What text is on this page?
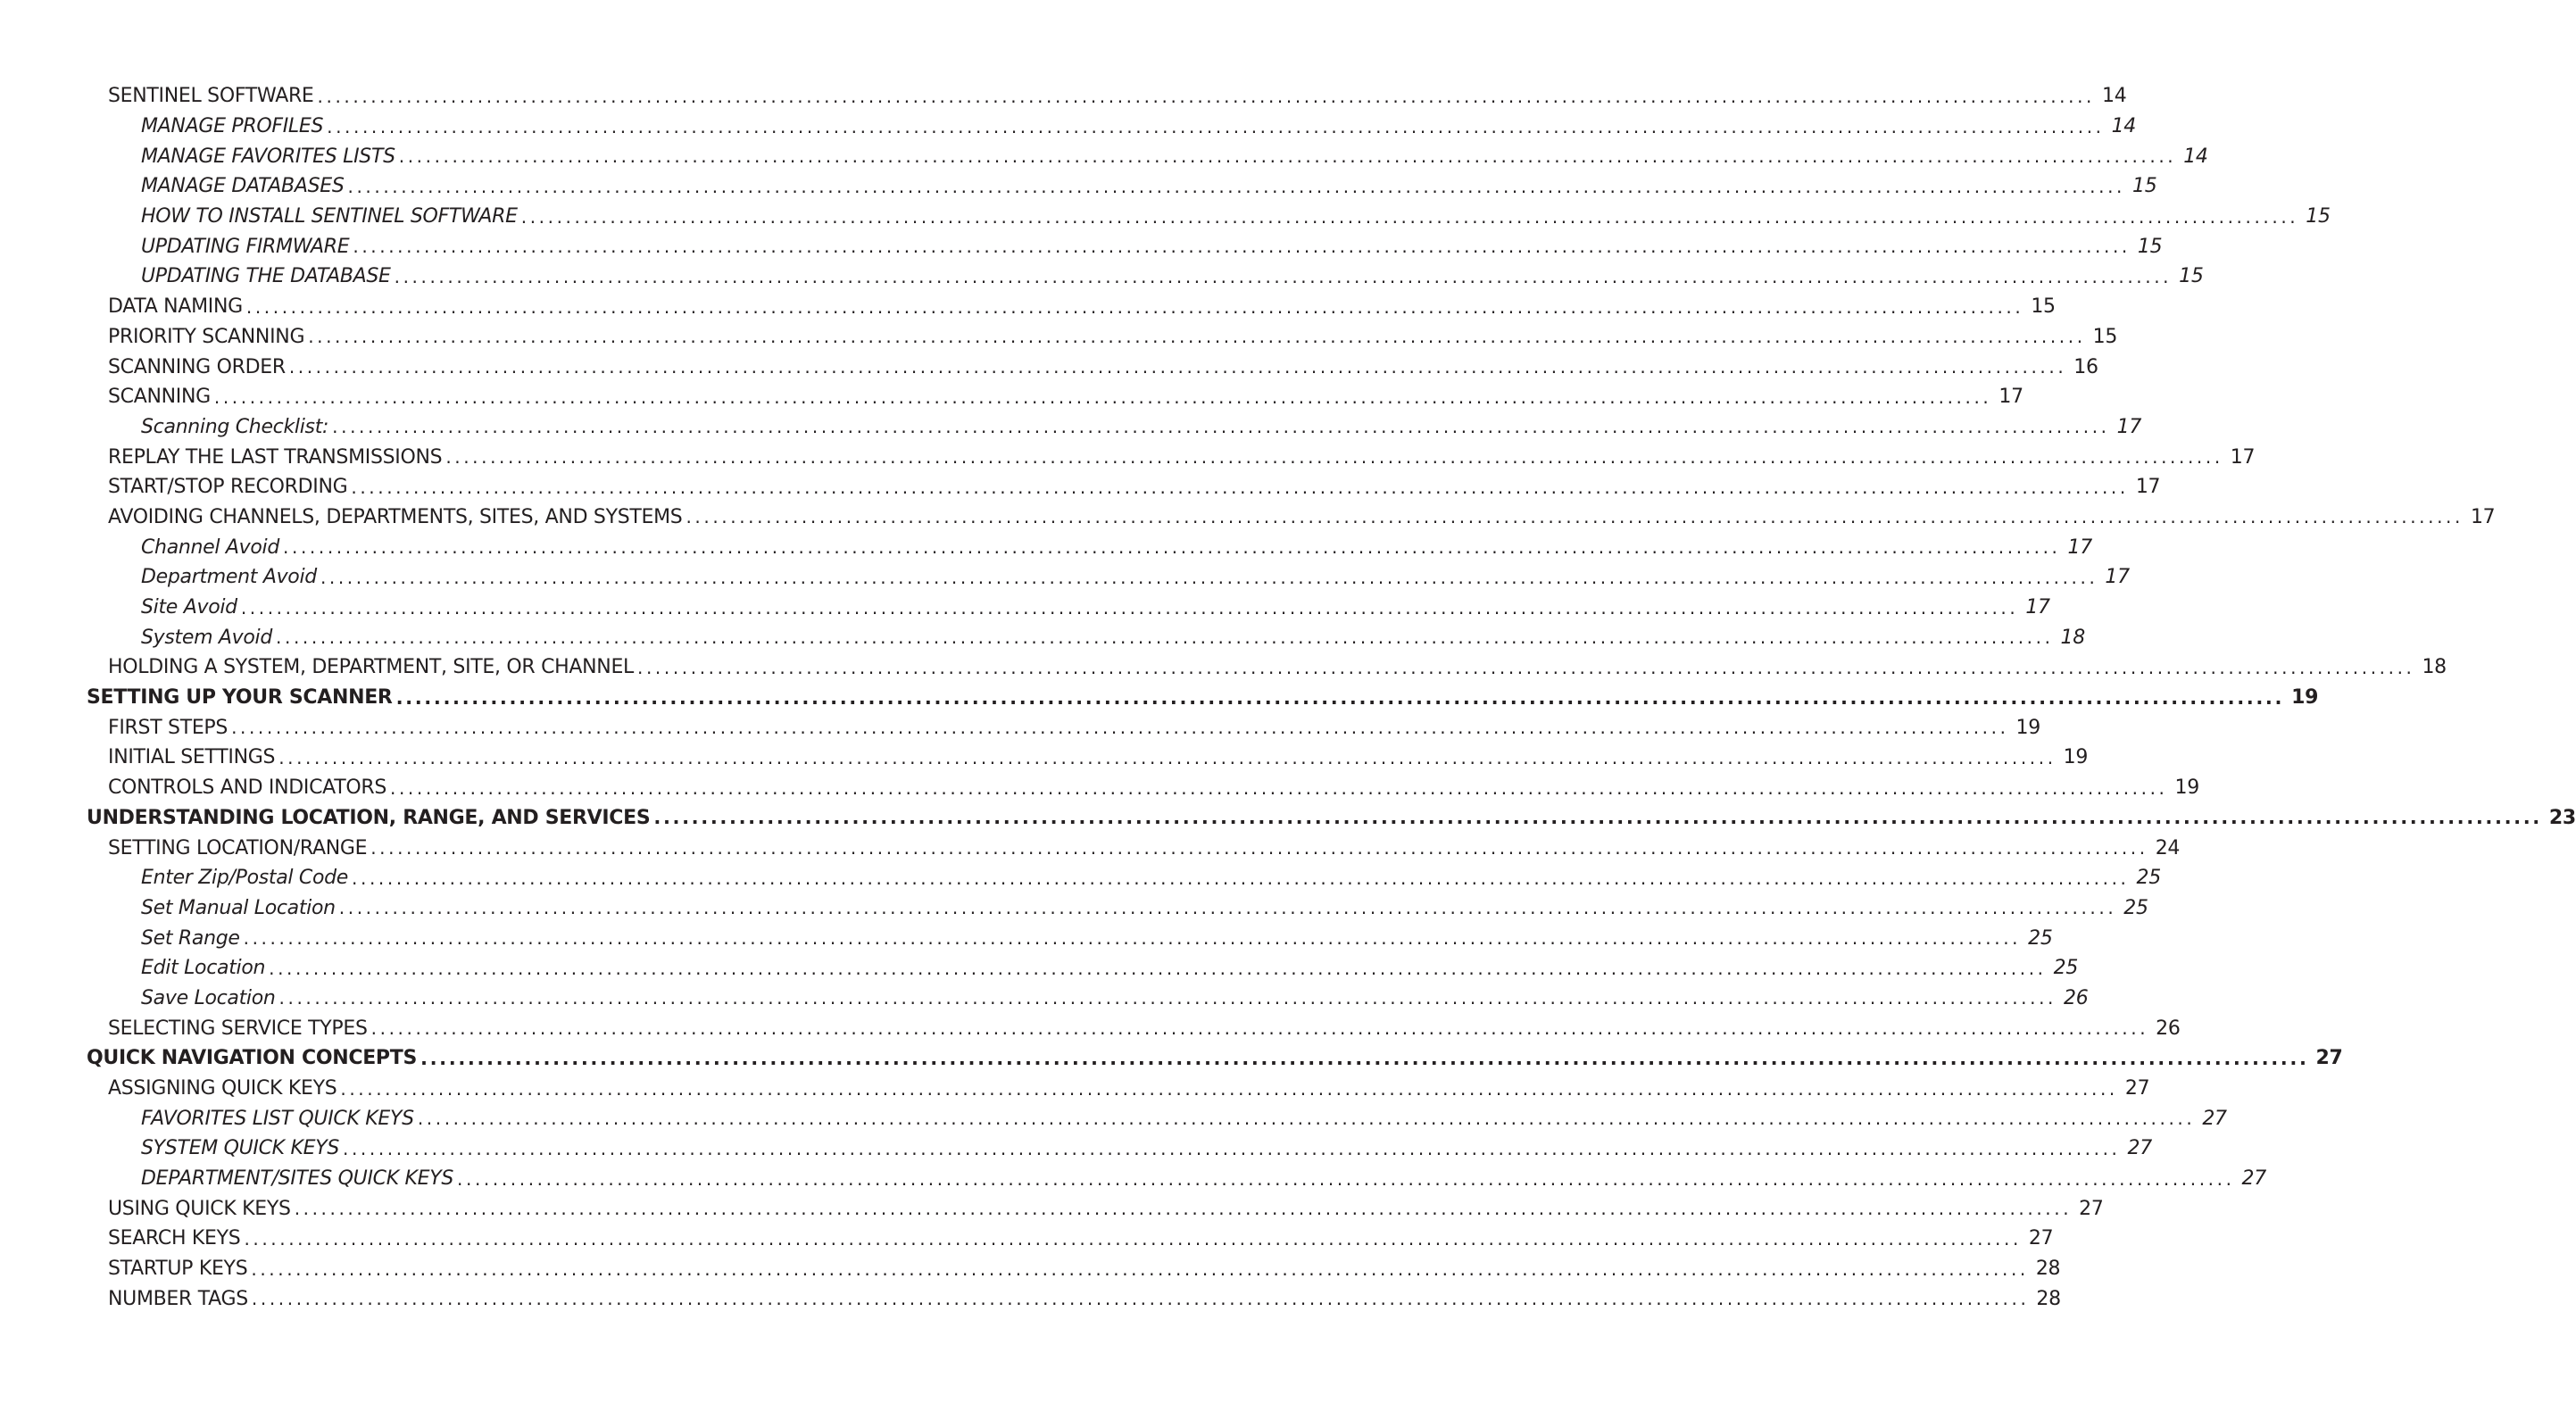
SENTINEL SOFTWARE ........................................................................................................................................................................................................ 14
MANAGE PROFILES ........................................................................................................................................................................................................ 14
MANAGE FAVORITES LISTS ........................................................................................................................................................................................................ 14
MANAGE DATABASES ........................................................................................................................................................................................................ 15
HOW TO INSTALL SENTINEL SOFTWARE ........................................................................................................................................................................................................ 15
UPDATING FIRMWARE ........................................................................................................................................................................................................ 15
UPDATING THE DATABASE ........................................................................................................................................................................................................ 15
DATA NAMING ........................................................................................................................................................................................................ 15
PRIORITY SCANNING ........................................................................................................................................................................................................ 15
SCANNING ORDER ........................................................................................................................................................................................................ 16
SCANNING ........................................................................................................................................................................................................ 17
Scanning Checklist: ........................................................................................................................................................................................................ 17
REPLAY THE LAST TRANSMISSIONS ........................................................................................................................................................................................................ 17
START/STOP RECORDING ........................................................................................................................................................................................................ 17
AVOIDING CHANNELS, DEPARTMENTS, SITES, AND SYSTEMS ........................................................................................................................................................................................................ 17
Channel Avoid ........................................................................................................................................................................................................ 17
Department Avoid ........................................................................................................................................................................................................ 17
Site Avoid ........................................................................................................................................................................................................ 17
System Avoid ........................................................................................................................................................................................................ 18
HOLDING A SYSTEM, DEPARTMENT, SITE, OR CHANNEL ........................................................................................................................................................................................................ 18
SETTING UP YOUR SCANNER ........................................................................................................................................................................................................ 19
FIRST STEPS ........................................................................................................................................................................................................ 19
INITIAL SETTINGS ........................................................................................................................................................................................................ 19
CONTROLS AND INDICATORS ........................................................................................................................................................................................................ 19
UNDERSTANDING LOCATION, RANGE, AND SERVICES ........................................................................................................................................................................................................ 23
SETTING LOCATION/RANGE ........................................................................................................................................................................................................ 24
Enter Zip/Postal Code ........................................................................................................................................................................................................ 25
Set Manual Location ........................................................................................................................................................................................................ 25
Set Range ........................................................................................................................................................................................................ 25
Edit Location ........................................................................................................................................................................................................ 25
Save Location ........................................................................................................................................................................................................ 26
SELECTING SERVICE TYPES ........................................................................................................................................................................................................ 26
QUICK NAVIGATION CONCEPTS ........................................................................................................................................................................................................ 27
ASSIGNING QUICK KEYS ........................................................................................................................................................................................................ 27
FAVORITES LIST QUICK KEYS ........................................................................................................................................................................................................ 27
SYSTEM QUICK KEYS ........................................................................................................................................................................................................ 27
DEPARTMENT/SITES QUICK KEYS ........................................................................................................................................................................................................ 27
USING QUICK KEYS ........................................................................................................................................................................................................ 27
SEARCH KEYS ........................................................................................................................................................................................................ 27
STARTUP KEYS ........................................................................................................................................................................................................ 28
NUMBER TAGS ........................................................................................................................................................................................................ 28
